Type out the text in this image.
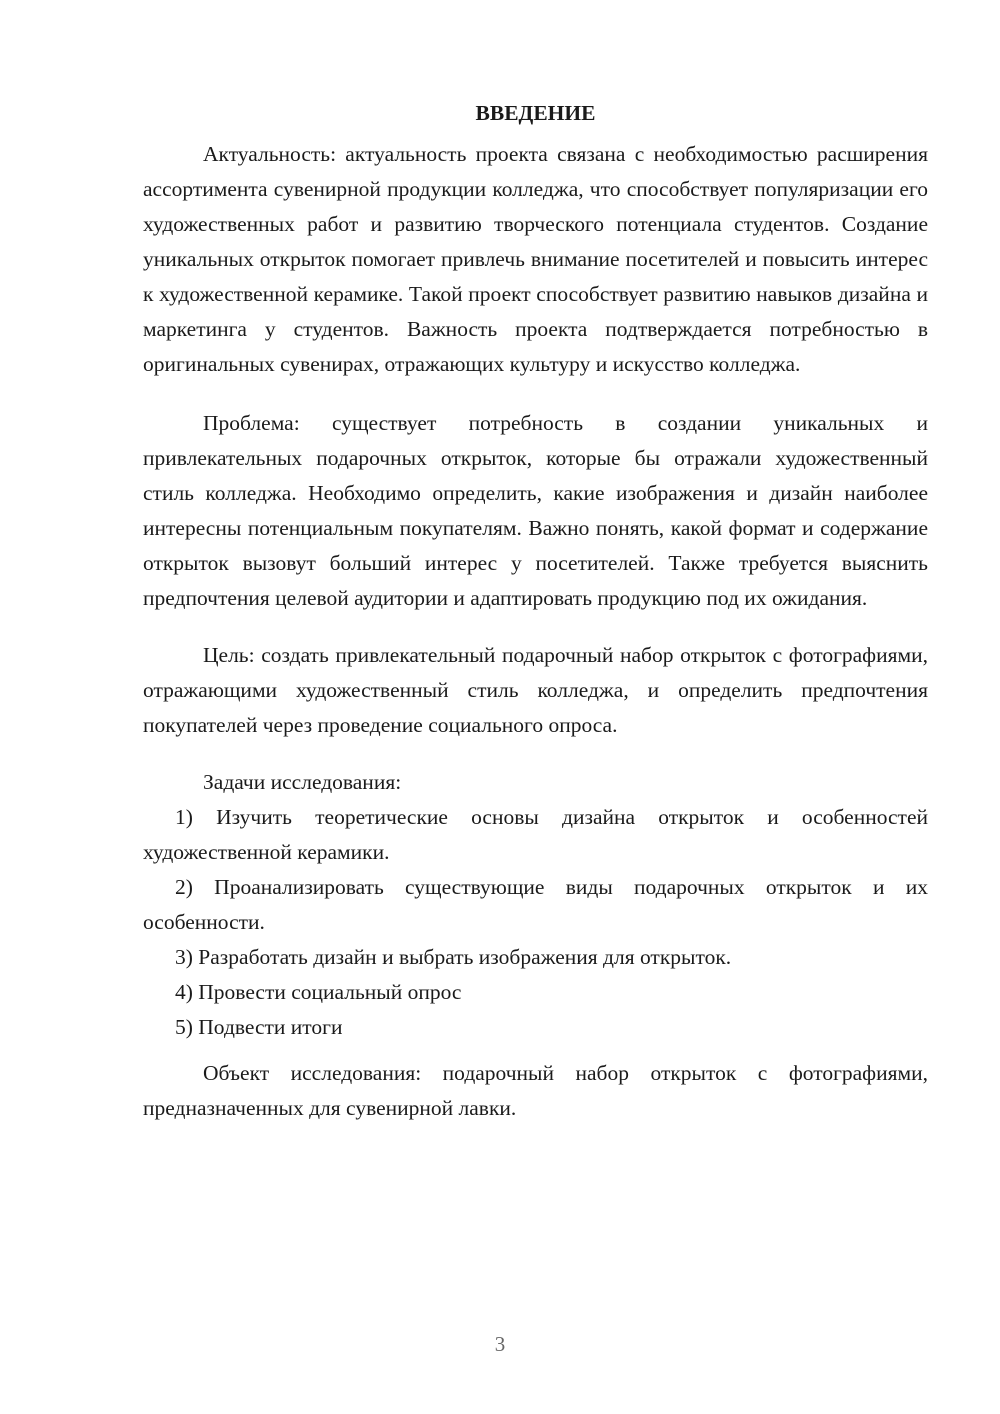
ВВЕДЕНИЕ

Актуальность: актуальность проекта связана с необходимостью расширения ассортимента сувенирной продукции колледжа, что способствует популяризации его художественных работ и развитию творческого потенциала студентов. Создание уникальных открыток помогает привлечь внимание посетителей и повысить интерес к художественной керамике. Такой проект способствует развитию навыков дизайна и маркетинга у студентов. Важность проекта подтверждается потребностью в оригинальных сувенирах, отражающих культуру и искусство колледжа.

Проблема: существует потребность в создании уникальных и привлекательных подарочных открыток, которые бы отражали художественный стиль колледжа. Необходимо определить, какие изображения и дизайн наиболее интересны потенциальным покупателям. Важно понять, какой формат и содержание открыток вызовут больший интерес у посетителей. Также требуется выяснить предпочтения целевой аудитории и адаптировать продукцию под их ожидания.

Цель: создать привлекательный подарочный набор открыток с фотографиями, отражающими художественный стиль колледжа, и определить предпочтения покупателей через проведение социального опроса.

Задачи исследования:

1) Изучить теоретические основы дизайна открыток и особенностей художественной керамики.

2) Проанализировать существующие виды подарочных открыток и их особенности.

3) Разработать дизайн и выбрать изображения для открыток.

4) Провести социальный опрос

5) Подвести итоги

Объект исследования: подарочный набор открыток с фотографиями, предназначенных для сувенирной лавки.

3
